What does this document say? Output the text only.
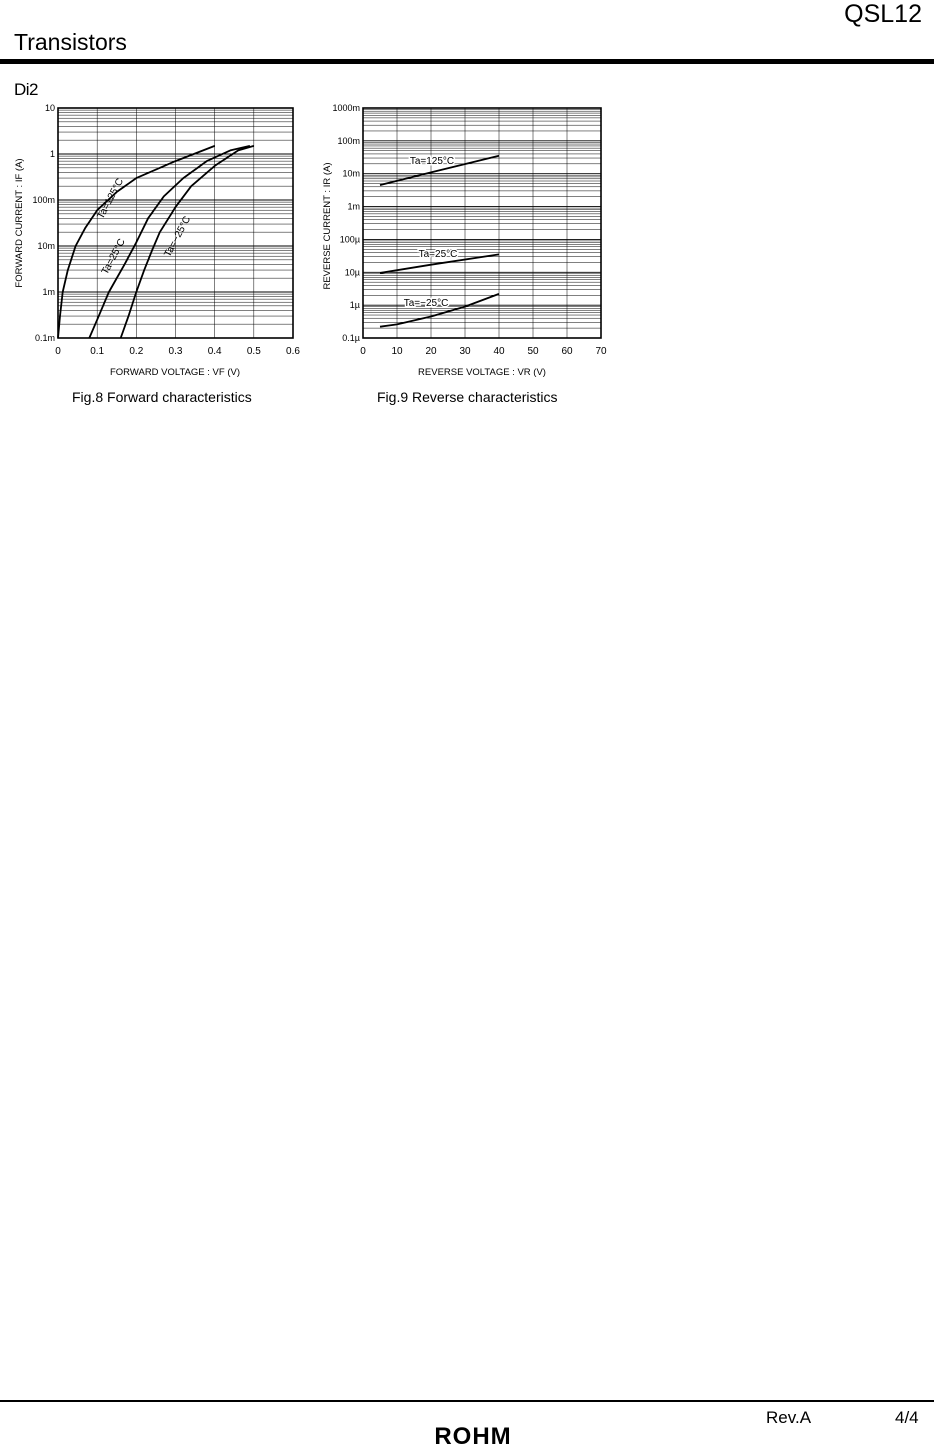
QSL12
Transistors
Di2
0.1m
1m
10m
100m
1
10
0	0.1	0.2	0.3	0.4	0.5	0.6
Ta=125°C
Ta=25°C	Ta=−25°C
FORWARD VOLTAGE : VF (V)
FORWARD CURRENT : IF (A)
0.1µ
1µ
10µ
100µ
1m
10m
100m
1000m
0	10 20 30 40 50 60 70
Ta=125°C
Ta=25°C
Ta=−25°C
REVERSE VOLTAGE : VR (V)
REVERSE CURRENT : IR (A)
Fig.8 Forward characteristics	Fig.9 Reverse characteristics
Rev.A	4/4
ROHM
